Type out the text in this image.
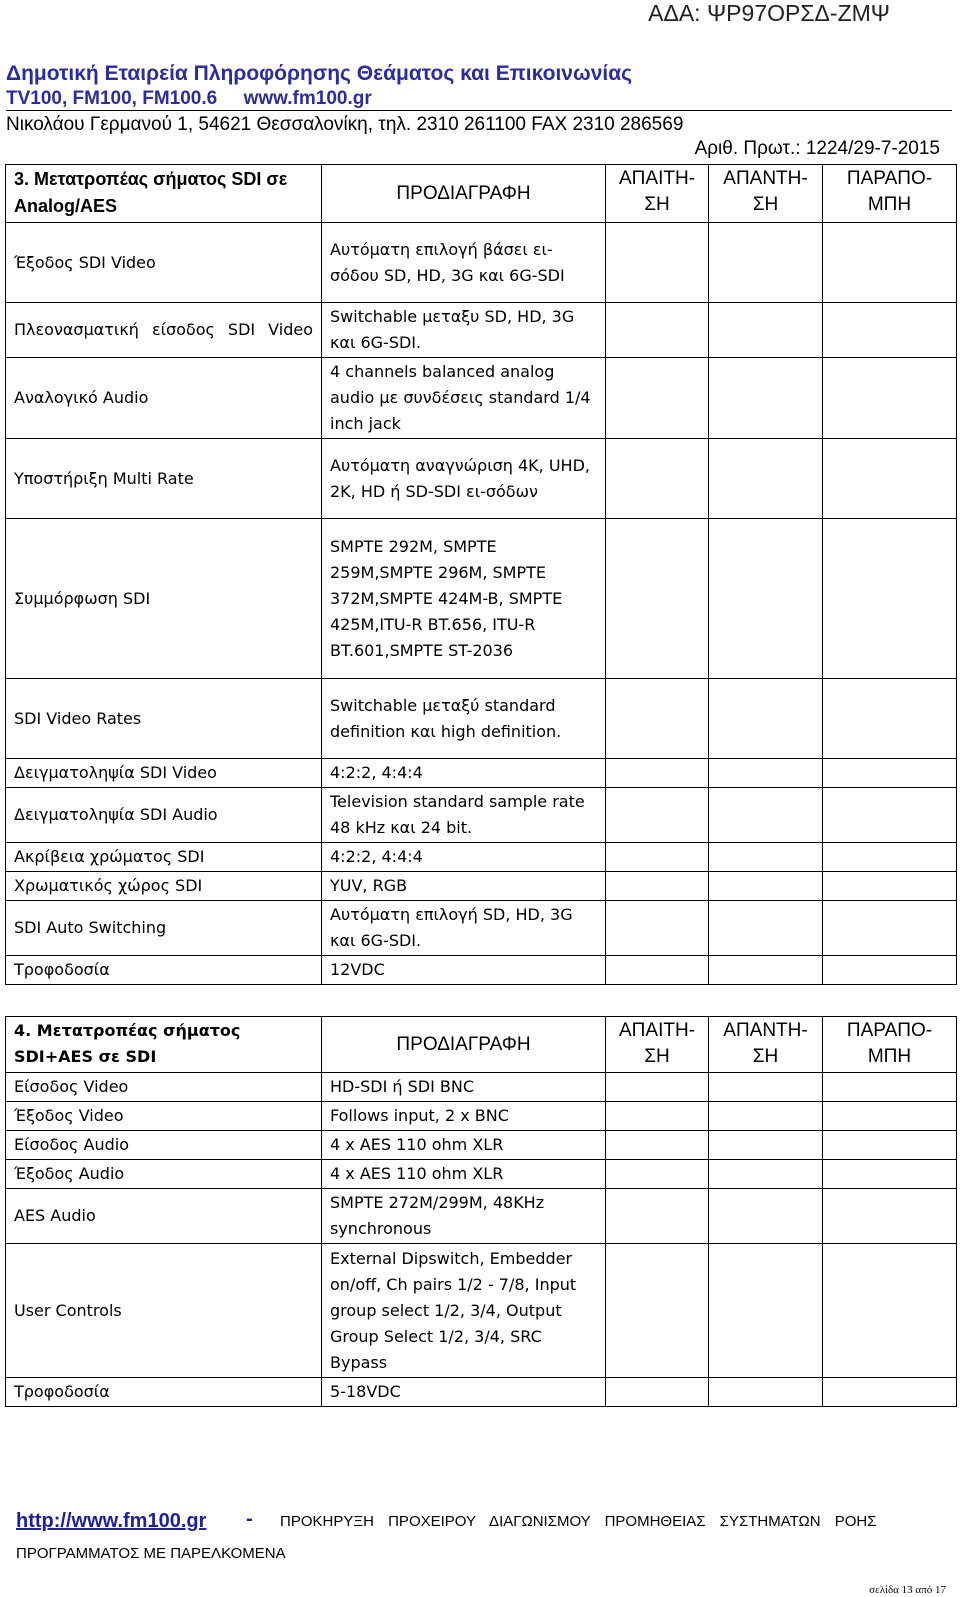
ΑΔΑ: ΨΡ97ΟΡΣΔ-ΖΜΨ
Δημοτική Εταιρεία Πληροφόρησης Θεάματος και Επικοινωνίας
TV100, FM100, FM100.6 www.fm100.gr
Νικολάου Γερμανού 1, 54621 Θεσσαλονίκη, τηλ. 2310 261100 FAX 2310 286569
Αριθ. Πρωτ.: 1224/29-7-2015
3. Μετατροπέας σήματος SDI σε Analog/AES	ΠΡΟΔΙΑΓΡΑΦΗ	ΑΠΑΙΤΗ-ΣΗ	ΑΠΑΝΤΗ-ΣΗ	ΠΑΡΑΠΟ-ΜΠΗ
Έξοδος SDI Video	Αυτόματη επιλογή βάσει ει-σόδου SD, HD, 3G και 6G-SDI			
Πλεονασματική είσοδος SDI Video	Switchable μεταξυ SD, HD, 3G και 6G-SDI.			
Αναλογικό Audio	4 channels balanced analog audio με συνδέσεις standard 1/4 inch jack			
Υποστήριξη Multi Rate	Αυτόματη αναγνώριση 4K, UHD, 2K, HD ή SD-SDI ει-σόδων			
Συμμόρφωση SDI	SMPTE 292M, SMPTE 259M,SMPTE 296M, SMPTE 372M,SMPTE 424M-B, SMPTE 425M,ITU-R BT.656, ITU-R BT.601,SMPTE ST-2036			
SDI Video Rates	Switchable μεταξύ standard definition και high definition.			
Δειγματοληψία SDI Video	4:2:2, 4:4:4			
Δειγματοληψία SDI Audio	Television standard sample rate 48 kHz και 24 bit.			
Ακρίβεια χρώματος SDI	4:2:2, 4:4:4			
Χρωματικός χώρος SDI	YUV, RGB			
SDI Auto Switching	Αυτόματη επιλογή SD, HD, 3G και 6G-SDI.			
Τροφοδοσία	12VDC			
4. Μετατροπέας σήματος SDI+AES σε SDI	ΠΡΟΔΙΑΓΡΑΦΗ	ΑΠΑΙΤΗ-ΣΗ	ΑΠΑΝΤΗ-ΣΗ	ΠΑΡΑΠΟ-ΜΠΗ
Είσοδος Video	HD-SDI ή SDI BNC			
Έξοδος Video	Follows input, 2 x BNC			
Είσοδος Audio	4 x AES 110 ohm XLR			
Έξοδος Audio	4 x AES 110 ohm XLR			
AES Audio	SMPTE 272M/299M, 48KHz synchronous			
User Controls	External Dipswitch, Embedder on/off, Ch pairs 1/2 - 7/8, Input group select 1/2, 3/4, Output Group Select 1/2, 3/4, SRC Bypass			
Τροφοδοσία	5-18VDC			
http://www.fm100.gr - ΠΡΟΚΗΡΥΞΗ ΠΡΟΧΕΙΡΟΥ ΔΙΑΓΩΝΙΣΜΟΥ ΠΡΟΜΗΘΕΙΑΣ ΣΥΣΤΗΜΑΤΩΝ ΡΟΗΣ
ΠΡΟΓΡΑΜΜΑΤΟΣ ΜΕ ΠΑΡΕΛΚΟΜΕΝΑ
σελίδα 13 από 17
